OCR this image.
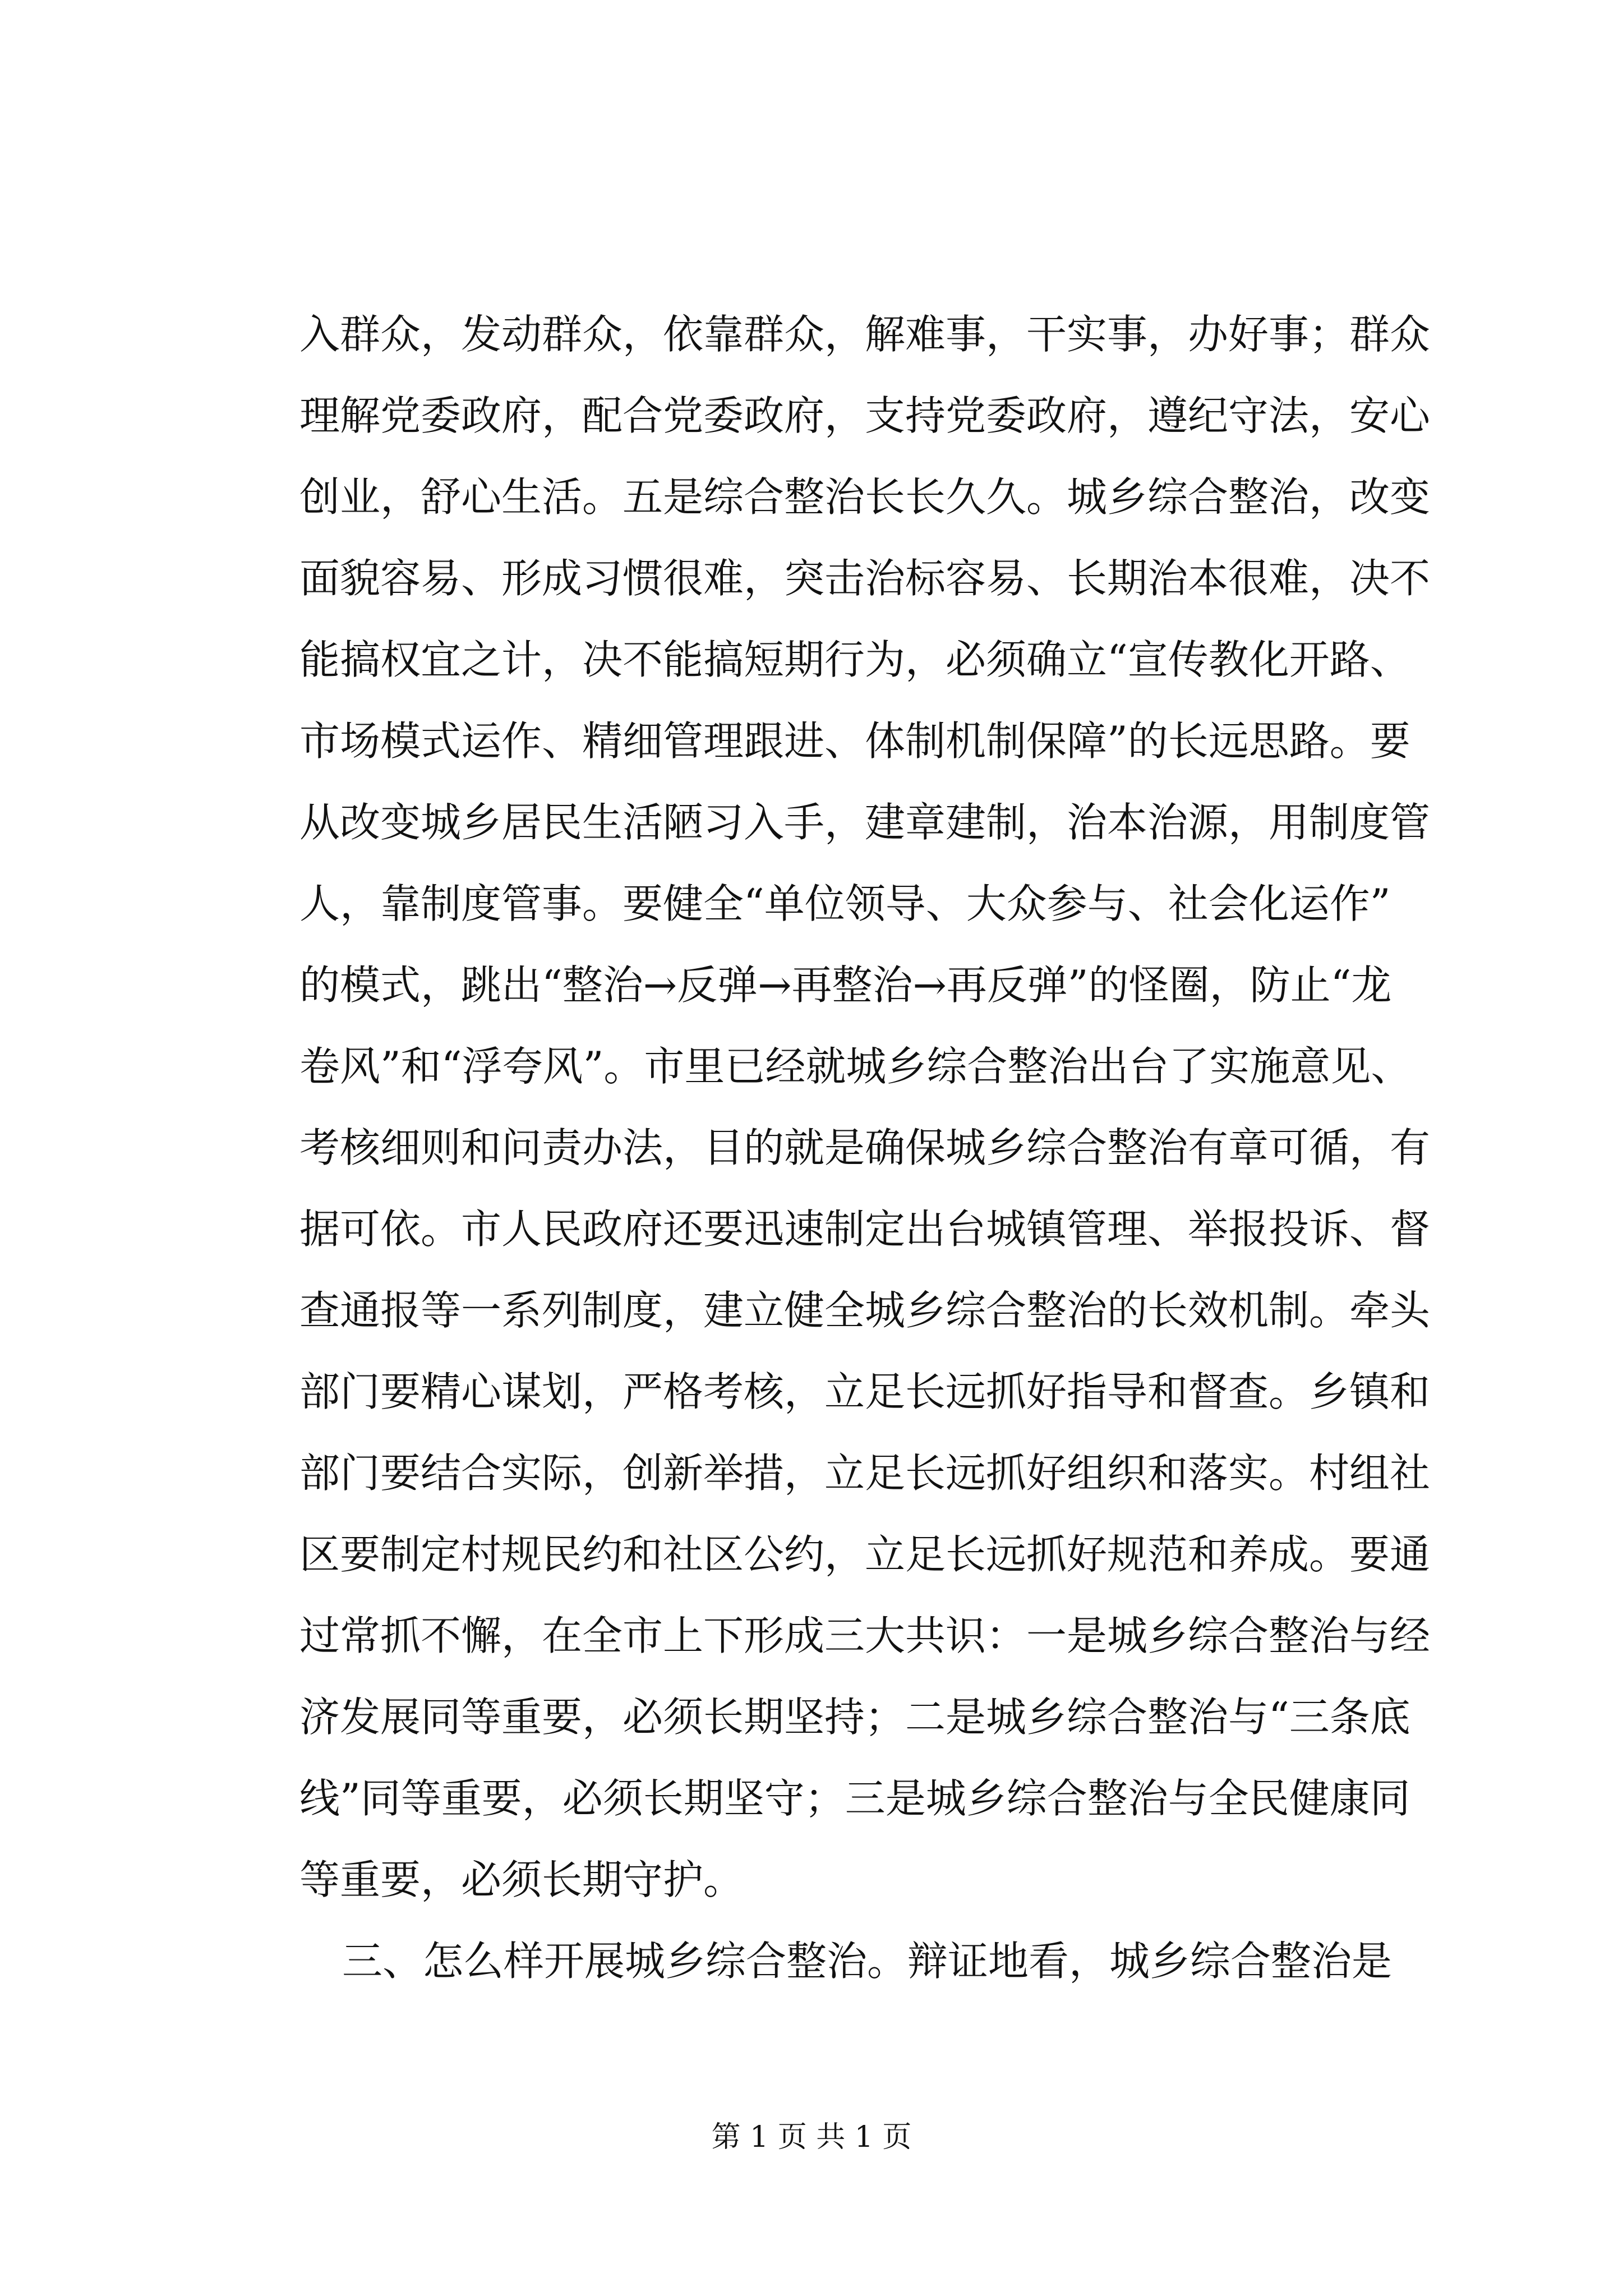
入群众，发动群众，依靠群众，解难事，干实事，办好事；群众
理解党委政府，配合党委政府，支持党委政府，遵纪守法，安心
创业，舒心生活。五是综合整治长长久久。城乡综合整治，改变
面貌容易、形成习惯很难，突击治标容易、长期治本很难，决不
能搞权宜之计，决不能搞短期行为，必须确立“宣传教化开路、
市场模式运作、精细管理跟进、体制机制保障”的长远思路。要
从改变城乡居民生活陋习入手，建章建制，治本治源，用制度管
人，靠制度管事。要健全“单位领导、大众参与、社会化运作”
的模式，跳出“整治→反弹→再整治→再反弹”的怪圈，防止“龙
卷风”和“浮夸风”。市里已经就城乡综合整治出台了实施意见、
考核细则和问责办法，目的就是确保城乡综合整治有章可循，有
据可依。市人民政府还要迅速制定出台城镇管理、举报投诉、督
查通报等一系列制度，建立健全城乡综合整治的长效机制。牵头
部门要精心谋划，严格考核，立足长远抓好指导和督查。乡镇和
部门要结合实际，创新举措，立足长远抓好组织和落实。村组社
区要制定村规民约和社区公约，立足长远抓好规范和养成。要通
过常抓不懈，在全市上下形成三大共识：一是城乡综合整治与经
济发展同等重要，必须长期坚持；二是城乡综合整治与“三条底
线”同等重要，必须长期坚守；三是城乡综合整治与全民健康同
等重要，必须长期守护。
三、怎么样开展城乡综合整治。辩证地看，城乡综合整治是
第 1 页 共 1 页
